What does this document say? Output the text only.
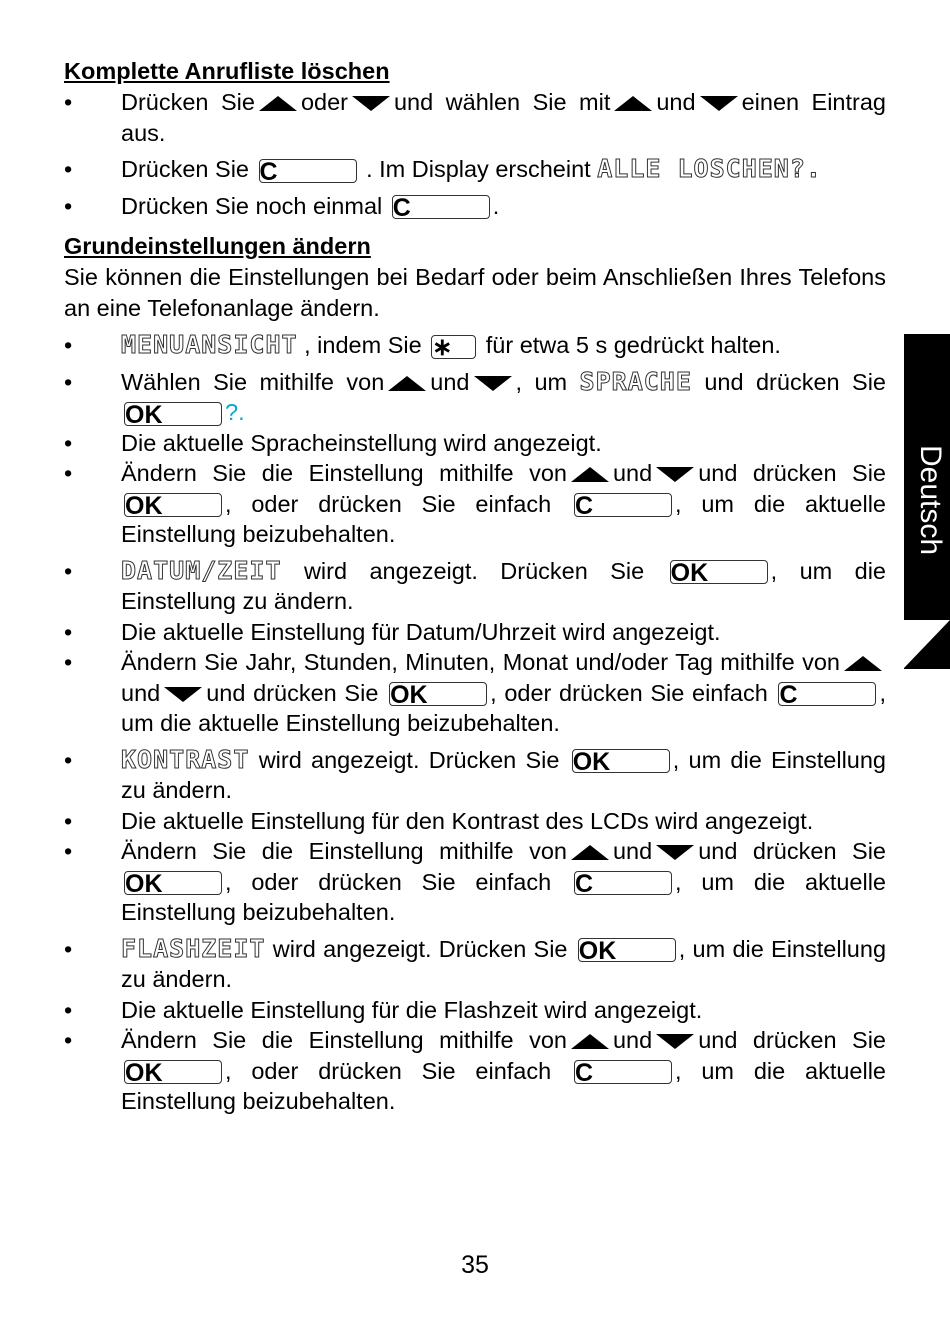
Komplette Anrufliste löschen
• Drücken Sie oder und wählen Sie mit und einen Eintrag aus.
• Drücken Sie C	. Im Display erscheint ALLE LOSCHEN?.
• Drücken Sie noch einmal C	.
Grundeinstellungen ändern
Sie können die Einstellungen bei Bedarf oder beim Anschließen Ihres Telefons an eine Telefonanlage ändern.
• MENUANSICHT , indem Sie ∗ für etwa 5 s gedrückt halten.
• Wählen Sie mithilfe von und , um SPRACHE und drücken Sie OK	?.
• Die aktuelle Spracheinstellung wird angezeigt.
• Ändern Sie die Einstellung mithilfe von und und drücken Sie OK	, oder drücken Sie einfach C	, um die aktuelle Einstellung beizubehalten.
• DATUM/ZEIT wird angezeigt. Drücken Sie OK	, um die Einstellung zu ändern.
• Die aktuelle Einstellung für Datum/Uhrzeit wird angezeigt.
• Ändern Sie Jahr, Stunden, Minuten, Monat und/oder Tag mithilfe vonund und drücken Sie OK	, oder drücken Sie einfach C	, um die aktuelle Einstellung beizubehalten.
• KONTRAST wird angezeigt. Drücken Sie OK	, um die Einstellung zu ändern.
• Die aktuelle Einstellung für den Kontrast des LCDs wird angezeigt.
• Ändern Sie die Einstellung mithilfe von und und drücken Sie OK	, oder drücken Sie einfach C	, um die aktuelle Einstellung beizubehalten.
• FLASHZEIT wird angezeigt. Drücken Sie OK	, um die Einstellung zu ändern.
• Die aktuelle Einstellung für die Flashzeit wird angezeigt.
• Ändern Sie die Einstellung mithilfe von und und drücken Sie OK	, oder drücken Sie einfach C	, um die aktuelle Einstellung beizubehalten.
Deutsch
35
